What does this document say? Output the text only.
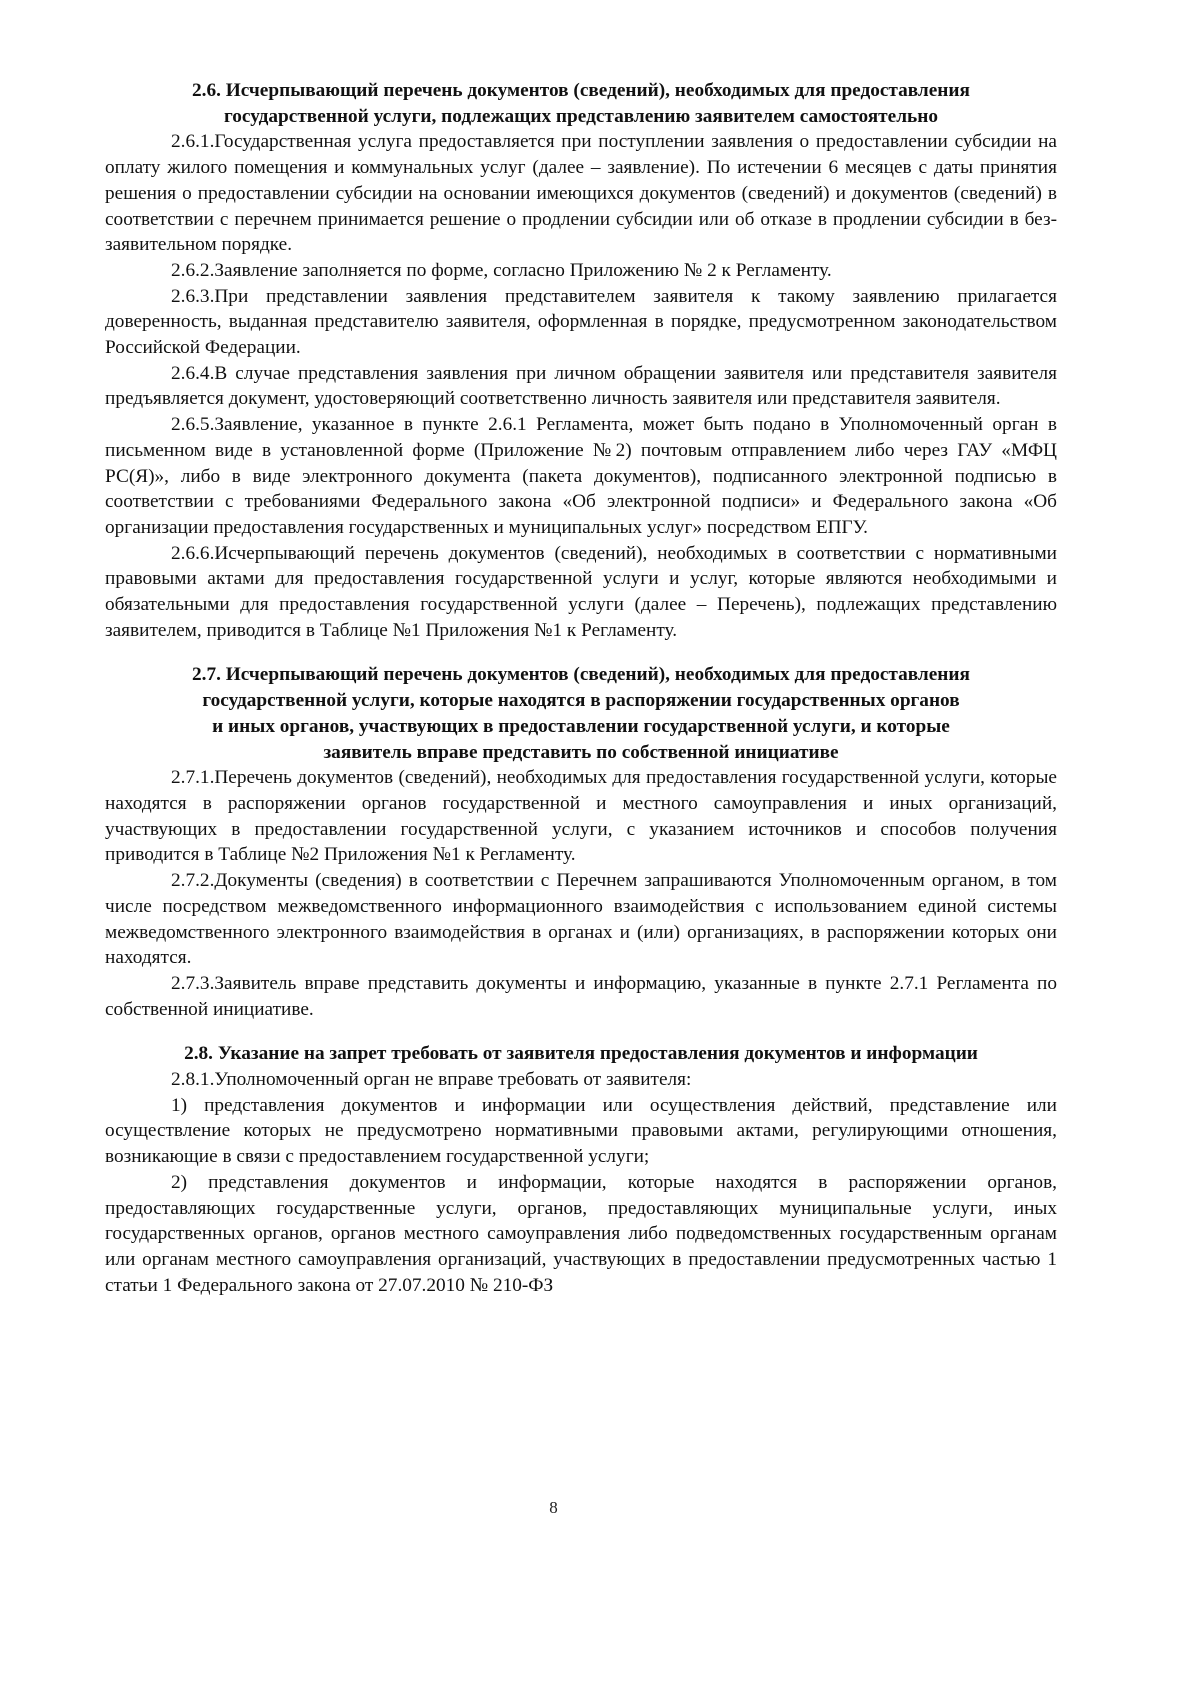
2.6. Исчерпывающий перечень документов (сведений), необходимых для предоставления
государственной услуги, подлежащих представлению заявителем самостоятельно

2.6.1.Государственная услуга предоставляется при поступлении заявления о предоставлении субсидии на оплату жилого помещения и коммунальных услуг (далее – заявление). По истечении 6 месяцев с даты принятия решения о предоставлении субсидии на основании имеющихся документов (сведений) и документов (сведений) в соответствии с перечнем принимается решение о продлении субсидии или об отказе в продлении субсидии в без-заявительном порядке.

2.6.2.Заявление заполняется по форме, согласно Приложению № 2 к Регламенту.

2.6.3.При представлении заявления представителем заявителя к такому заявлению прилагается доверенность, выданная представителю заявителя, оформленная в порядке, предусмотренном законодательством Российской Федерации.

2.6.4.В случае представления заявления при личном обращении заявителя или представителя заявителя предъявляется документ, удостоверяющий соответственно личность заявителя или представителя заявителя.

2.6.5.Заявление, указанное в пункте 2.6.1 Регламента, может быть подано в Уполномоченный орган в письменном виде в установленной форме (Приложение №2) почтовым отправлением либо через ГАУ «МФЦ РС(Я)», либо в виде электронного документа (пакета документов), подписанного электронной подписью в соответствии с требованиями Федерального закона «Об электронной подписи» и Федерального закона «Об организации предоставления государственных и муниципальных услуг» посредством ЕПГУ.

2.6.6.Исчерпывающий перечень документов (сведений), необходимых в соответствии с нормативными правовыми актами для предоставления государственной услуги и услуг, которые являются необходимыми и обязательными для предоставления государственной услуги (далее – Перечень), подлежащих представлению заявителем, приводится в Таблице №1 Приложения №1 к Регламенту.

2.7. Исчерпывающий перечень документов (сведений), необходимых для предоставления
государственной услуги, которые находятся в распоряжении государственных органов
и иных органов, участвующих в предоставлении государственной услуги, и которые
заявитель вправе представить по собственной инициативе

2.7.1.Перечень документов (сведений), необходимых для предоставления государственной услуги, которые находятся в распоряжении органов государственной и местного самоуправления и иных организаций, участвующих в предоставлении государственной услуги, с указанием источников и способов получения приводится в Таблице №2 Приложения №1 к Регламенту.

2.7.2.Документы (сведения) в соответствии с Перечнем запрашиваются Уполномоченным органом, в том числе посредством межведомственного информационного взаимодействия с использованием единой системы межведомственного электронного взаимодействия в органах и (или) организациях, в распоряжении которых они находятся.

2.7.3.Заявитель вправе представить документы и информацию, указанные в пункте 2.7.1 Регламента по собственной инициативе.

2.8. Указание на запрет требовать от заявителя предоставления документов и информации

2.8.1.Уполномоченный орган не вправе требовать от заявителя:

1) представления документов и информации или осуществления действий, представление или осуществление которых не предусмотрено нормативными правовыми актами, регулирующими отношения, возникающие в связи с предоставлением государственной услуги;

2) представления документов и информации, которые находятся в распоряжении органов, предоставляющих государственные услуги, органов, предоставляющих муниципальные услуги, иных государственных органов, органов местного самоуправления либо подведомственных государственным органам или органам местного самоуправления организаций, участвующих в предоставлении предусмотренных частью 1 статьи 1 Федерального закона от 27.07.2010 № 210-ФЗ

8
